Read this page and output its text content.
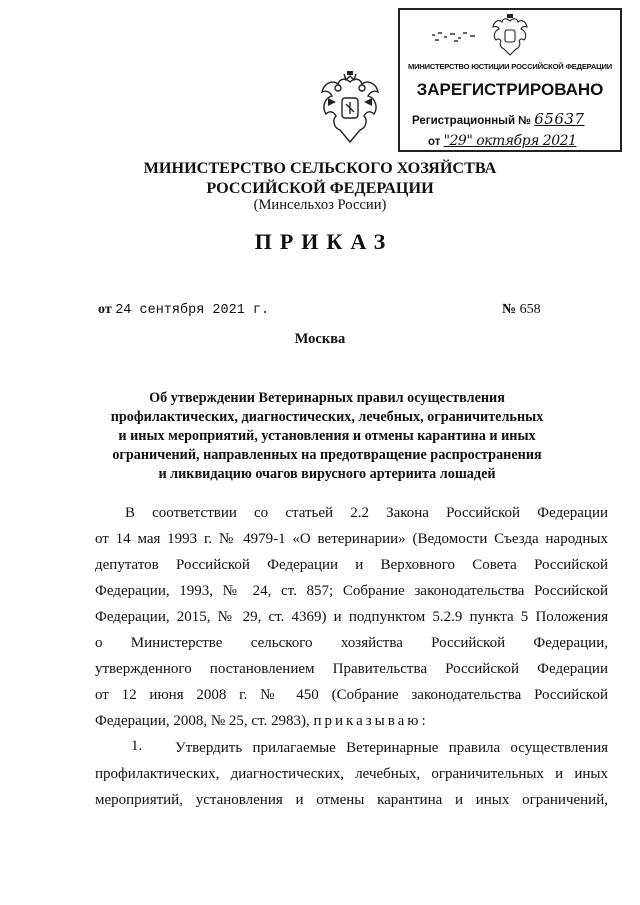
МИНИСТЕРСТВО ЮСТИЦИИ РОССИЙСКОЙ ФЕДЕРАЦИИ
ЗАРЕГИСТРИРОВАНО
Регистрационный № 65637
от "29" октября 2021
МИНИСТЕРСТВО СЕЛЬСКОГО ХОЗЯЙСТВА
РОССИЙСКОЙ ФЕДЕРАЦИИ
(Минсельхоз России)
ПРИКАЗ
от 24 сентября 2021 г.	№ 658
Москва
Об утверждении Ветеринарных правил осуществления
профилактических, диагностических, лечебных, ограничительных
и иных мероприятий, установления и отмены карантина и иных
ограничений, направленных на предотвращение распространения
и ликвидацию очагов вирусного артериита лошадей
В соответствии со статьей 2.2 Закона Российской Федерации
от 14 мая 1993 г. № 4979-1 «О ветеринарии» (Ведомости Съезда народных
депутатов Российской Федерации и Верховного Совета Российской
Федерации, 1993, № 24, ст. 857; Собрание законодательства Российской
Федерации, 2015, № 29, ст. 4369) и подпунктом 5.2.9 пункта 5 Положения
о Министерстве сельского хозяйства Российской Федерации,
утвержденного постановлением Правительства Российской Федерации
от 12 июня 2008 г. № 450 (Собрание законодательства Российской
Федерации, 2008, № 25, ст. 2983), приказываю:
1. Утвердить прилагаемые Ветеринарные правила осуществления
профилактических, диагностических, лечебных, ограничительных и иных
мероприятий, установления и отмены карантина и иных ограничений,
